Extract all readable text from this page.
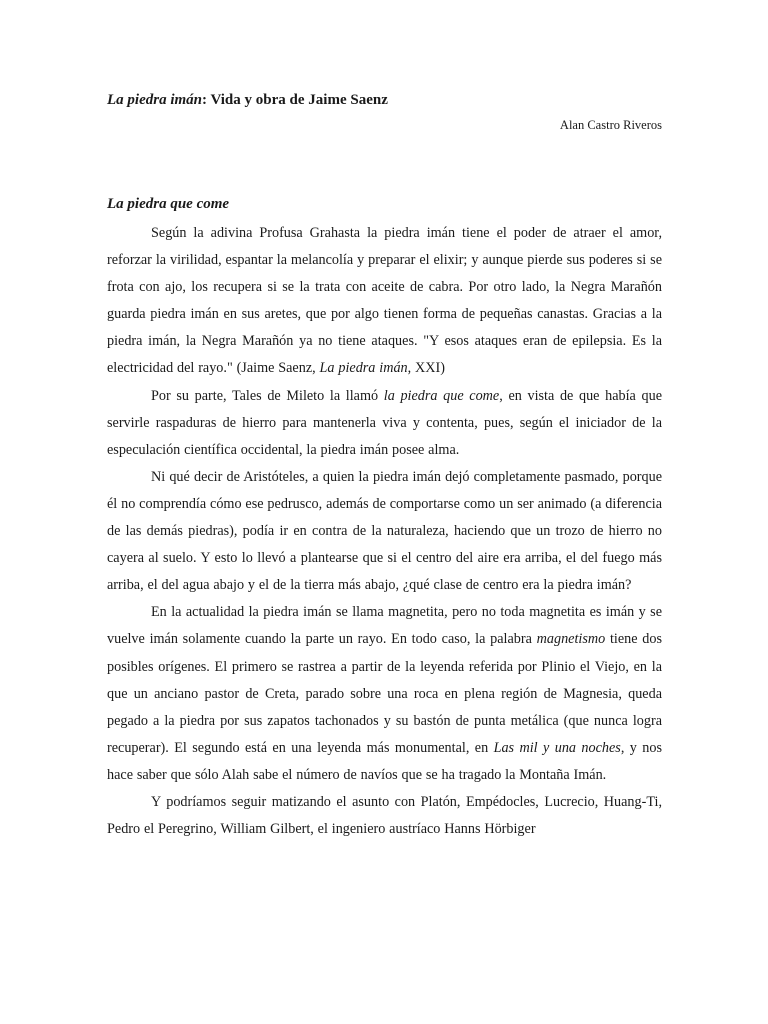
La piedra imán: Vida y obra de Jaime Saenz

Alan Castro Riveros

La piedra que come

Según la adivina Profusa Grahasta la piedra imán tiene el poder de atraer el amor, reforzar la virilidad, espantar la melancolía y preparar el elixir; y aunque pierde sus poderes si se frota con ajo, los recupera si se la trata con aceite de cabra. Por otro lado, la Negra Marañón guarda piedra imán en sus aretes, que por algo tienen forma de pequeñas canastas. Gracias a la piedra imán, la Negra Marañón ya no tiene ataques. "Y esos ataques eran de epilepsia. Es la electricidad del rayo." (Jaime Saenz, La piedra imán, XXI)

Por su parte, Tales de Mileto la llamó la piedra que come, en vista de que había que servirle raspaduras de hierro para mantenerla viva y contenta, pues, según el iniciador de la especulación científica occidental, la piedra imán posee alma.

Ni qué decir de Aristóteles, a quien la piedra imán dejó completamente pasmado, porque él no comprendía cómo ese pedrusco, además de comportarse como un ser animado (a diferencia de las demás piedras), podía ir en contra de la naturaleza, haciendo que un trozo de hierro no cayera al suelo. Y esto lo llevó a plantearse que si el centro del aire era arriba, el del fuego más arriba, el del agua abajo y el de la tierra más abajo, ¿qué clase de centro era la piedra imán?

En la actualidad la piedra imán se llama magnetita, pero no toda magnetita es imán y se vuelve imán solamente cuando la parte un rayo. En todo caso, la palabra magnetismo tiene dos posibles orígenes. El primero se rastrea a partir de la leyenda referida por Plinio el Viejo, en la que un anciano pastor de Creta, parado sobre una roca en plena región de Magnesia, queda pegado a la piedra por sus zapatos tachonados y su bastón de punta metálica (que nunca logra recuperar). El segundo está en una leyenda más monumental, en Las mil y una noches, y nos hace saber que sólo Alah sabe el número de navíos que se ha tragado la Montaña Imán.

Y podríamos seguir matizando el asunto con Platón, Empédocles, Lucrecio, Huang-Ti, Pedro el Peregrino, William Gilbert, el ingeniero austríaco Hanns Hörbiger
